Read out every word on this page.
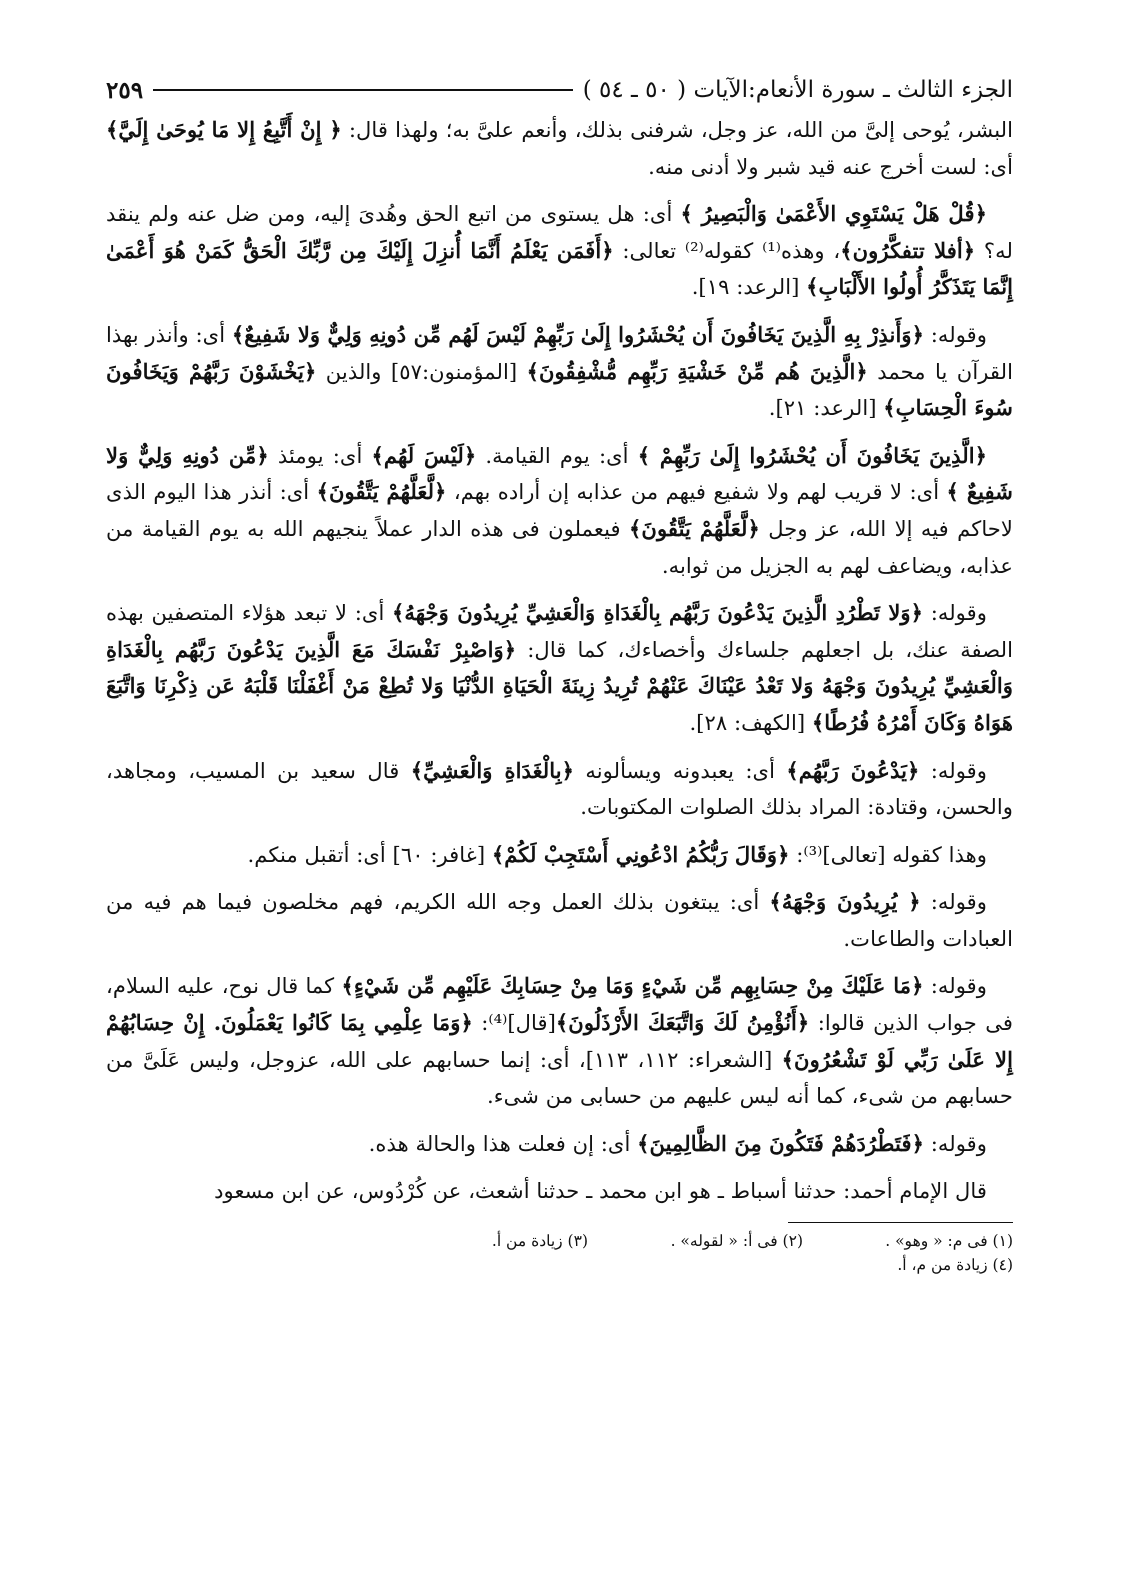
الجزء الثالث ـ سورة الأنعام:الآيات ( ٥٠ ـ ٥٤ )
٢٥٩

البشر، يُوحى إلىَّ من الله، عز وجل، شرفنى بذلك، وأنعم علىَّ به؛ ولهذا قال: ﴿ إِنْ أَتَّبِعُ إِلا مَا يُوحَىٰ إِلَيَّ﴾ أى: لست أخرج عنه قيد شبر ولا أدنى منه.

﴿قُلْ هَلْ يَسْتَوِي الأَعْمَىٰ وَالْبَصِيرُ ﴾ أى: هل يستوى من اتبع الحق وهُدىَ إليه، ومن ضل عنه ولم ينقد له؟ ﴿أفلا تتفكَّرُون﴾، وهذه⁽¹⁾ كقوله⁽²⁾ تعالى: ﴿أَفَمَن يَعْلَمُ أَنَّمَا أُنزِلَ إِلَيْكَ مِن رَّبِّكَ الْحَقُّ كَمَنْ هُوَ أَعْمَىٰ إِنَّمَا يَتَذَكَّرُ أُولُوا الأَلْبَابِ﴾ [الرعد: ١٩].

وقوله: ﴿وَأَنذِرْ بِهِ الَّذِينَ يَخَافُونَ أَن يُحْشَرُوا إِلَىٰ رَبِّهِمْ لَيْسَ لَهُم مِّن دُونِهِ وَلِيٌّ وَلا شَفِيعٌ﴾ أى: وأنذر بهذا القرآن يا محمد ﴿الَّذِينَ هُم مِّنْ خَشْيَةِ رَبِّهِم مُّشْفِقُونَ﴾ [المؤمنون:٥٧] والذين ﴿يَخْشَوْنَ رَبَّهُمْ وَيَخَافُونَ سُوءَ الْحِسَابِ﴾ [الرعد: ٢١].

﴿الَّذِينَ يَخَافُونَ أَن يُحْشَرُوا إِلَىٰ رَبِّهِمْ ﴾ أى: يوم القيامة. ﴿لَيْسَ لَهُم﴾ أى: يومئذ ﴿مِّن دُونِهِ وَلِيٌّ وَلا شَفِيعٌ ﴾ أى: لا قريب لهم ولا شفيع فيهم من عذابه إن أراده بهم، ﴿لَّعَلَّهُمْ يَتَّقُونَ﴾ أى: أنذر هذا اليوم الذى لاحاكم فيه إلا الله، عز وجل ﴿لَّعَلَّهُمْ يَتَّقُونَ﴾ فيعملون فى هذه الدار عملاً ينجيهم الله به يوم القيامة من عذابه، ويضاعف لهم به الجزيل من ثوابه.

وقوله: ﴿وَلا تَطْرُدِ الَّذِينَ يَدْعُونَ رَبَّهُم بِالْغَدَاةِ وَالْعَشِيِّ يُرِيدُونَ وَجْهَهُ﴾ أى: لا تبعد هؤلاء المتصفين بهذه الصفة عنك، بل اجعلهم جلساءك وأخصاءك، كما قال: ﴿وَاصْبِرْ نَفْسَكَ مَعَ الَّذِينَ يَدْعُونَ رَبَّهُم بِالْغَدَاةِ وَالْعَشِيِّ يُرِيدُونَ وَجْهَهُ وَلا تَعْدُ عَيْنَاكَ عَنْهُمْ تُرِيدُ زِينَةَ الْحَيَاةِ الدُّنْيَا وَلا تُطِعْ مَنْ أَغْفَلْنَا قَلْبَهُ عَن ذِكْرِنَا وَاتَّبَعَ هَوَاهُ وَكَانَ أَمْرُهُ فُرُطًا﴾ [الكهف: ٢٨].

وقوله: ﴿يَدْعُونَ رَبَّهُم﴾ أى: يعبدونه ويسألونه ﴿بِالْغَدَاةِ وَالْعَشِيِّ﴾ قال سعيد بن المسيب، ومجاهد، والحسن، وقتادة: المراد بذلك الصلوات المكتوبات.

وهذا كقوله [تعالى]⁽³⁾: ﴿وَقَالَ رَبُّكُمُ ادْعُونِي أَسْتَجِبْ لَكُمْ﴾ [غافر: ٦٠] أى: أتقبل منكم.

وقوله: ﴿ يُرِيدُونَ وَجْهَهُ﴾ أى: يبتغون بذلك العمل وجه الله الكريم، فهم مخلصون فيما هم فيه من العبادات والطاعات.

وقوله: ﴿مَا عَلَيْكَ مِنْ حِسَابِهِم مِّن شَيْءٍ وَمَا مِنْ حِسَابِكَ عَلَيْهِم مِّن شَيْءٍ﴾ كما قال نوح، عليه السلام، فى جواب الذين قالوا: ﴿أَنُؤْمِنُ لَكَ وَاتَّبَعَكَ الأَرْذَلُونَ﴾[قال]⁽⁴⁾: ﴿وَمَا عِلْمِي بِمَا كَانُوا يَعْمَلُونَ. إِنْ حِسَابُهُمْ إِلا عَلَىٰ رَبِّي لَوْ تَشْعُرُونَ﴾ [الشعراء: ١١٢، ١١٣]، أى: إنما حسابهم على الله، عزوجل، وليس عَلَىَّ من حسابهم من شىء، كما أنه ليس عليهم من حسابى من شىء.

وقوله: ﴿فَتَطْرُدَهُمْ فَتَكُونَ مِنَ الظَّالِمِينَ﴾ أى: إن فعلت هذا والحالة هذه.

قال الإمام أحمد: حدثنا أسباط ـ هو ابن محمد ـ حدثنا أشعث، عن كُرْدُوس، عن ابن مسعود

(١) فى م: « وهو» .
(٢) فى أ: « لقوله» .
(٣) زيادة من أ.
(٤) زيادة من م، أ.
